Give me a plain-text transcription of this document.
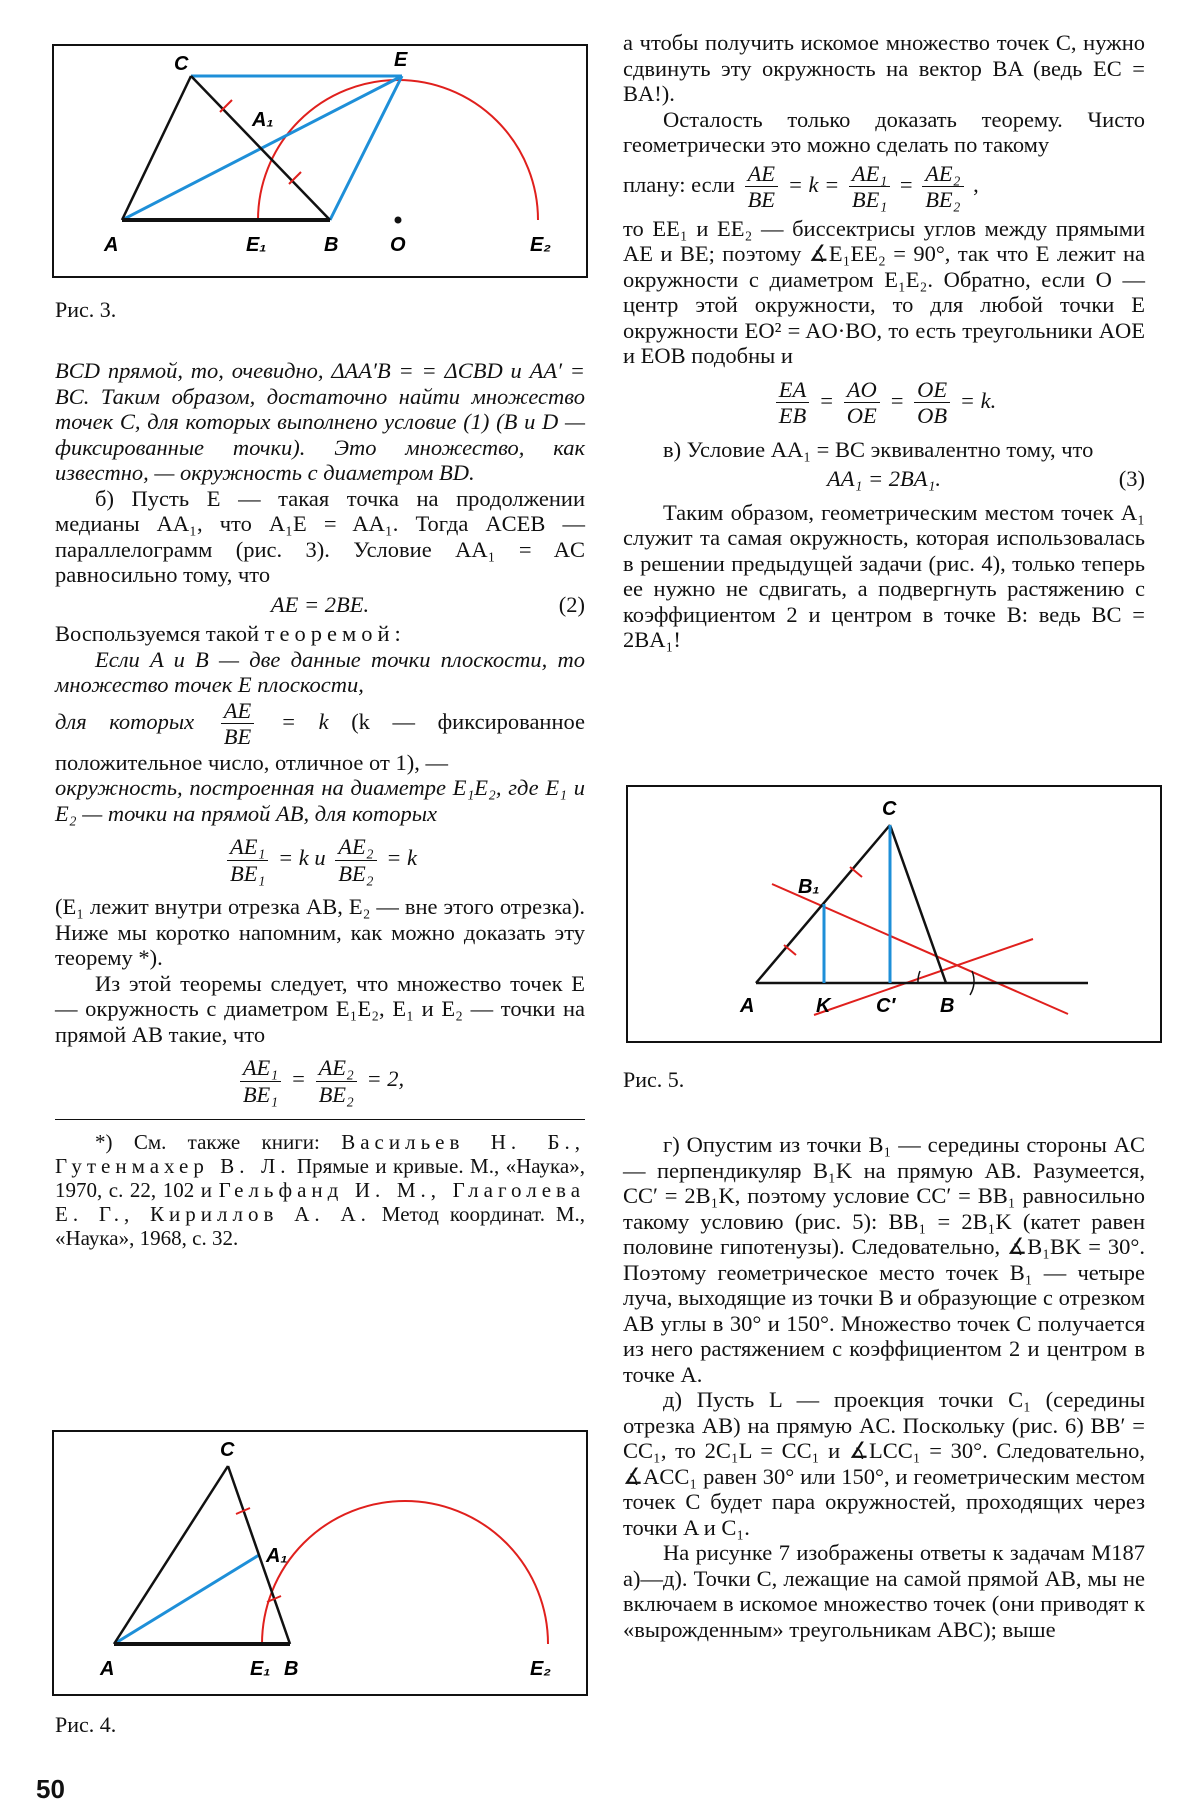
C	E
A₁
A	E₁	B	O	E₂
Рис. 3.

BCD прямой, то, очевидно, ΔAA′B = = ΔCBD и AA′ = BC. Таким образом, достаточно найти множество точек C, для которых выполнено условие (1) (B и D — фиксированные точки). Это множество, как известно, — окружность с диаметром BD.

б) Пусть E — такая точка на продолжении медианы AA₁, что A₁E = AA₁. Тогда ACEB — параллелограмм (рис. 3). Условие AA₁ = AC равносильно тому, что

AE = 2BE.	(2)

Воспользуемся такой теоремой:

Если A и B — две данные точки плоскости, то множество точек E плоскости,

для которых $\frac{AE}{BE} = k$ (k — фиксированное положительное число, отличное от 1), —

окружность, построенная на диаметре E₁E₂, где E₁ и E₂ — точки на прямой AB, для которых

$\frac{\text{AE₁}}{\text{BE₁}} = k$ и $\frac{\text{AE₂}}{\text{BE₂}} = k$

(E₁ лежит внутри отрезка AB, E₂ — вне этого отрезка). Ниже мы коротко напомним, как можно доказать эту теорему *).

Из этой теоремы следует, что множество точек E — окружность с диаметром E₁E₂, E₁ и E₂ — точки на прямой AB такие, что

$\frac{\text{AE₁}}{\text{BE₁}} = \frac{\text{AE₂}}{\text{BE₂}} = 2$,

*) См. также книги: Васильев Н. Б., Гутенмахер В. Л. Прямые и кривые. М., «Наука», 1970, с. 22, 102 и Гельфанд И. М., Глаголева Е. Г., Кириллов А. А. Метод координат. М., «Наука», 1968, с. 32.

C
A₁
A	E₁ B	E₂
Рис. 4.
50

а чтобы получить искомое множество точек C, нужно сдвинуть эту окружность на вектор BA (ведь EC = BA!).

Осталость только доказать теорему. Чисто геометрически это можно сделать по такому

плану: если $\frac{AE}{BE} = k = \frac{\text{AE₁}}{\text{BE₁}} = \frac{\text{AE₂}}{\text{BE₂}}$ ,

то EE₁ и EE₂ — биссектрисы углов между прямыми AE и BE; поэтому ∡E₁EE₂ = 90°, так что E лежит на окружности с диаметром E₁E₂. Обратно, если O — центр этой окружности, то для любой точки E окружности EO² = AO·BO, то есть треугольники AOE и EOB подобны и

$\frac{EA}{EB} = \frac{AO}{OE} = \frac{OE}{OB} = k$.

в) Условие AA₁ = BC эквивалентно тому, что

AA₁ = 2BA₁.	(3)

Таким образом, геометрическим местом точек A₁ служит та самая окружность, которая использовалась в решении предыдущей задачи (рис. 4), только теперь ее нужно не сдвигать, а подвергнуть растяжению с коэффициентом 2 и центром в точке B: ведь BC = 2BA₁!

C
B₁
A	K C′ B
Рис. 5.

г) Опустим из точки B₁ — середины стороны AC — перпендикуляр B₁K на прямую AB. Разумеется, CC′ = 2B₁K, поэтому условие CC′ = BB₁ равносильно такому условию (рис. 5): BB₁ = 2B₁K (катет равен половине гипотенузы). Следовательно, ∡B₁BK = 30°. Поэтому геометрическое место точек B₁ — четыре луча, выходящие из точки B и образующие с отрезком AB углы в 30° и 150°. Множество точек C получается из него растяжением с коэффициентом 2 и центром в точке A.

д) Пусть L — проекция точки C₁ (середины отрезка AB) на прямую AC. Поскольку (рис. 6) BB′ = CC₁, то 2C₁L = CC₁ и ∡LCC₁ = 30°. Следовательно, ∡ACC₁ равен 30° или 150°, и геометрическим местом точек C будет пара окружностей, проходящих через точки A и C₁.

На рисунке 7 изображены ответы к задачам М187 а)—д). Точки C, лежащие на самой прямой AB, мы не включаем в искомое множество точек (они приводят к «вырожденным» треугольникам ABC); выше
